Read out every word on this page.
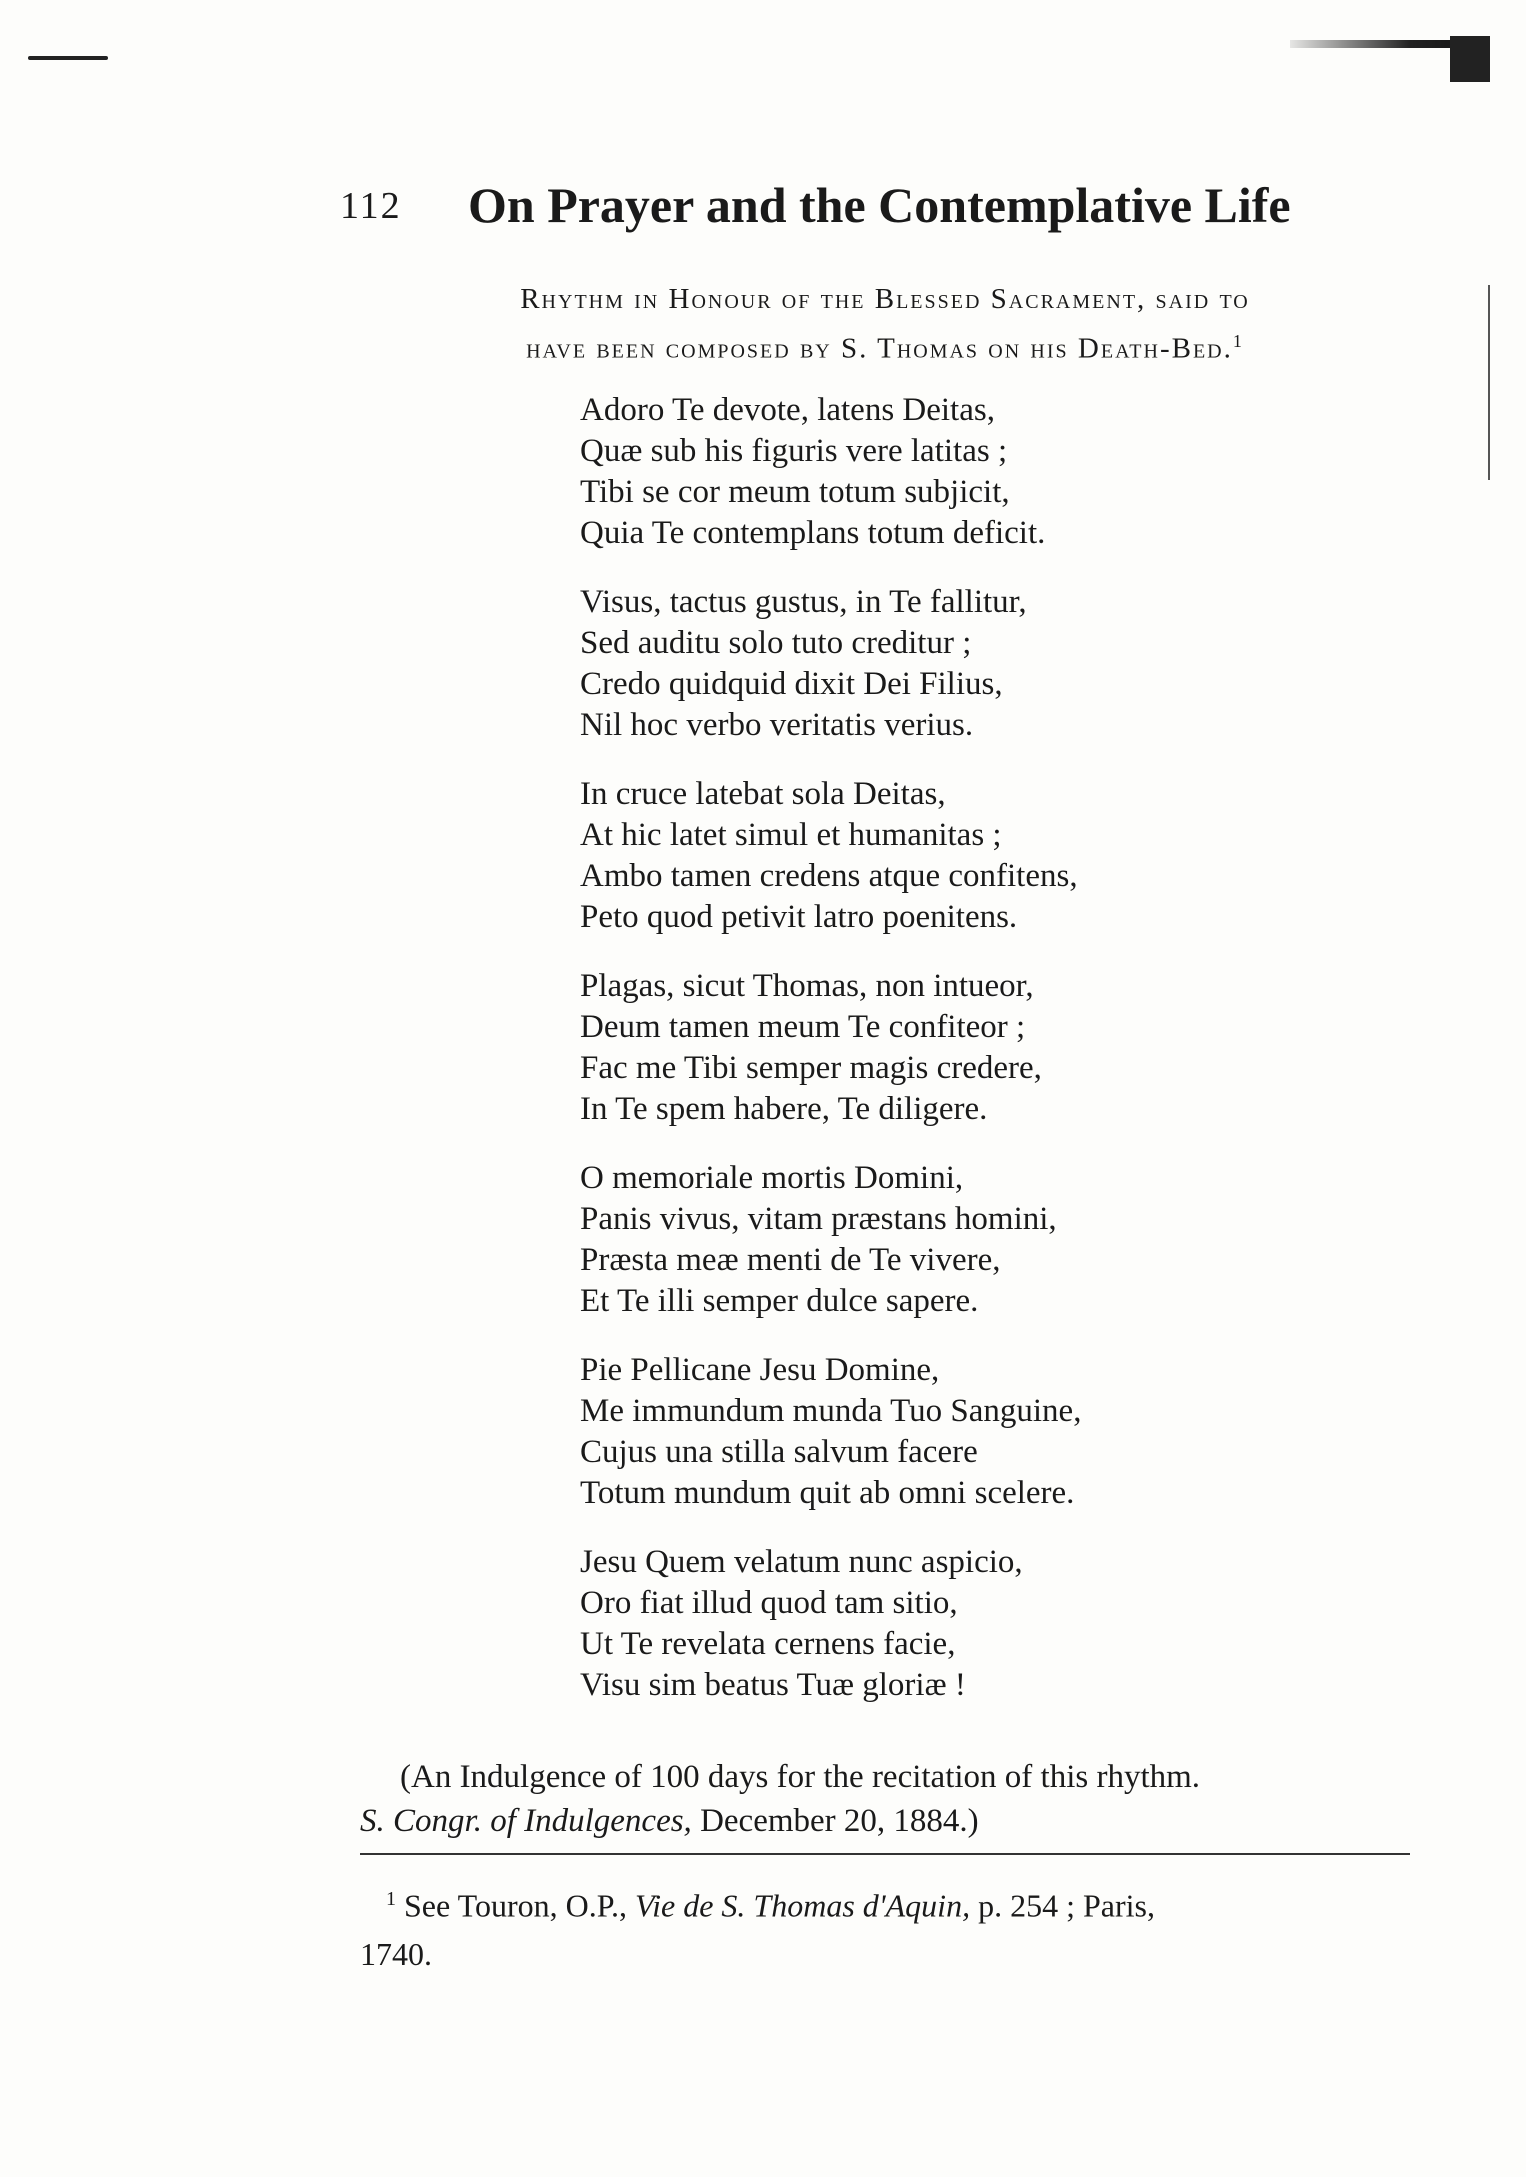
112 On Prayer and the Contemplative Life
Rhythm in Honour of the Blessed Sacrament, said to
have been composed by S. Thomas on his Death-Bed.$^1$
Adoro Te devote, latens Deitas,
Quæ sub his figuris vere latitas ;
Tibi se cor meum totum subjicit,
Quia Te contemplans totum deficit.
Visus, tactus gustus, in Te fallitur,
Sed auditu solo tuto creditur ;
Credo quidquid dixit Dei Filius,
Nil hoc verbo veritatis verius.
In cruce latebat sola Deitas,
At hic latet simul et humanitas ;
Ambo tamen credens atque confitens,
Peto quod petivit latro poenitens.
Plagas, sicut Thomas, non intueor,
Deum tamen meum Te confiteor ;
Fac me Tibi semper magis credere,
In Te spem habere, Te diligere.
O memoriale mortis Domini,
Panis vivus, vitam præstans homini,
Præsta meæ menti de Te vivere,
Et Te illi semper dulce sapere.
Pie Pellicane Jesu Domine,
Me immundum munda Tuo Sanguine,
Cujus una stilla salvum facere
Totum mundum quit ab omni scelere.
Jesu Quem velatum nunc aspicio,
Oro fiat illud quod tam sitio,
Ut Te revelata cernens facie,
Visu sim beatus Tuæ gloriæ !
(An Indulgence of 100 days for the recitation of this rhythm.
S. Congr. of Indulgences, December 20, 1884.)
$^1$ See Touron, O.P., Vie de S. Thomas d'Aquin, p. 254 ; Paris,
1740.
